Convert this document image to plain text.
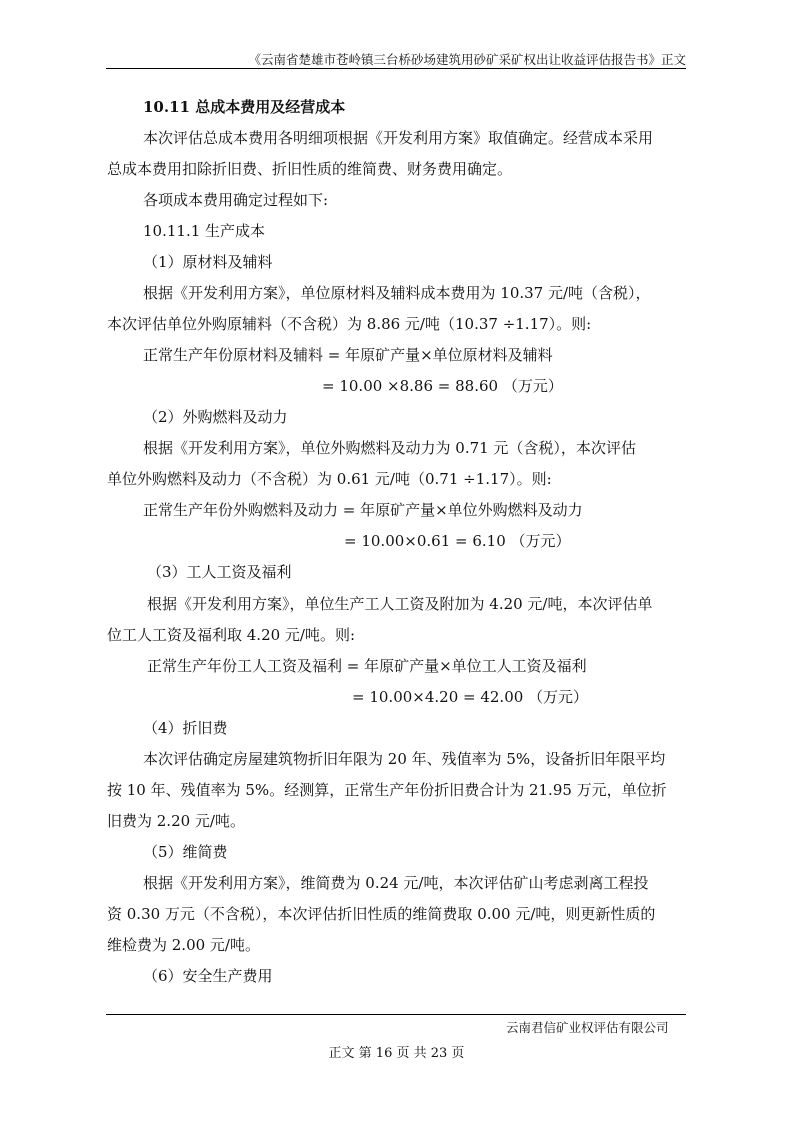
《云南省楚雄市苍岭镇三台桥砂场建筑用砂矿采矿权出让收益评估报告书》正文
10.11 总成本费用及经营成本
本次评估总成本费用各明细项根据《开发利用方案》取值确定。经营成本采用
总成本费用扣除折旧费、折旧性质的维简费、财务费用确定。
各项成本费用确定过程如下:
10.11.1 生产成本
（1）原材料及辅料
根据《开发利用方案》，单位原材料及辅料成本费用为 10.37 元/吨（含税），
本次评估单位外购原辅料（不含税）为 8.86 元/吨（10.37 ÷1.17）。则:
正常生产年份原材料及辅料 = 年原矿产量×单位原材料及辅料
= 10.00 ×8.86 = 88.60 （万元）
（2）外购燃料及动力
根据《开发利用方案》，单位外购燃料及动力为 0.71 元（含税），本次评估
单位外购燃料及动力（不含税）为 0.61 元/吨（0.71 ÷1.17）。则:
正常生产年份外购燃料及动力 = 年原矿产量×单位外购燃料及动力
= 10.00×0.61 = 6.10 （万元）
（3）工人工资及福利
根据《开发利用方案》，单位生产工人工资及附加为 4.20 元/吨，本次评估单
位工人工资及福利取 4.20 元/吨。则:
正常生产年份工人工资及福利 = 年原矿产量×单位工人工资及福利
= 10.00×4.20 = 42.00 （万元）
（4）折旧费
本次评估确定房屋建筑物折旧年限为 20 年、残值率为 5%，设备折旧年限平均
按 10 年、残值率为 5%。经测算，正常生产年份折旧费合计为 21.95 万元，单位折
旧费为 2.20 元/吨。
（5）维简费
根据《开发利用方案》，维简费为 0.24 元/吨，本次评估矿山考虑剥离工程投
资 0.30 万元（不含税），本次评估折旧性质的维简费取 0.00 元/吨，则更新性质的
维检费为 2.00 元/吨。
（6）安全生产费用
云南君信矿业权评估有限公司
正文 第 16 页 共 23 页
